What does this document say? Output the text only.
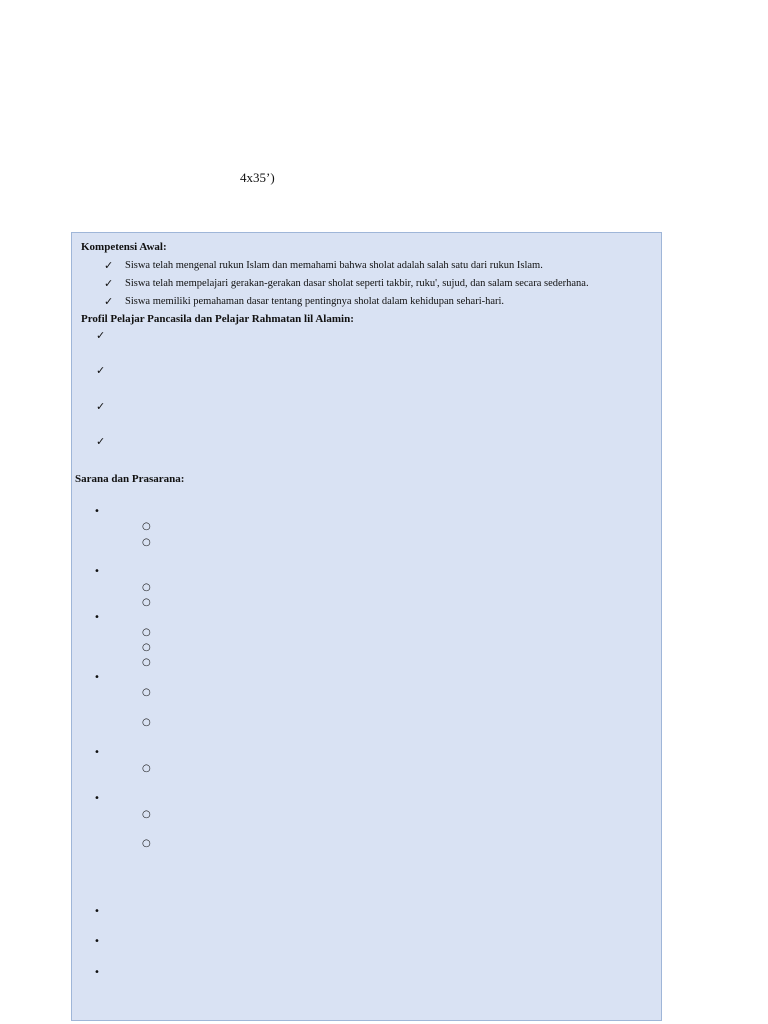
4x35’)
Kompetensi Awal:
✓ Siswa telah mengenal rukun Islam dan memahami bahwa sholat adalah salah satu dari rukun Islam.
✓ Siswa telah mempelajari gerakan-gerakan dasar sholat seperti takbir, ruku', sujud, dan salam secara sederhana.
✓ Siswa memiliki pemahaman dasar tentang pentingnya sholat dalam kehidupan sehari-hari.
Profil Pelajar Pancasila dan Pelajar Rahmatan lil Alamin:
✓
✓
✓
✓
Sarana dan Prasarana:
•
○
○
•
○
○
•
○
○
○
•
○
○
•
○
•
○
○
•
•
•
